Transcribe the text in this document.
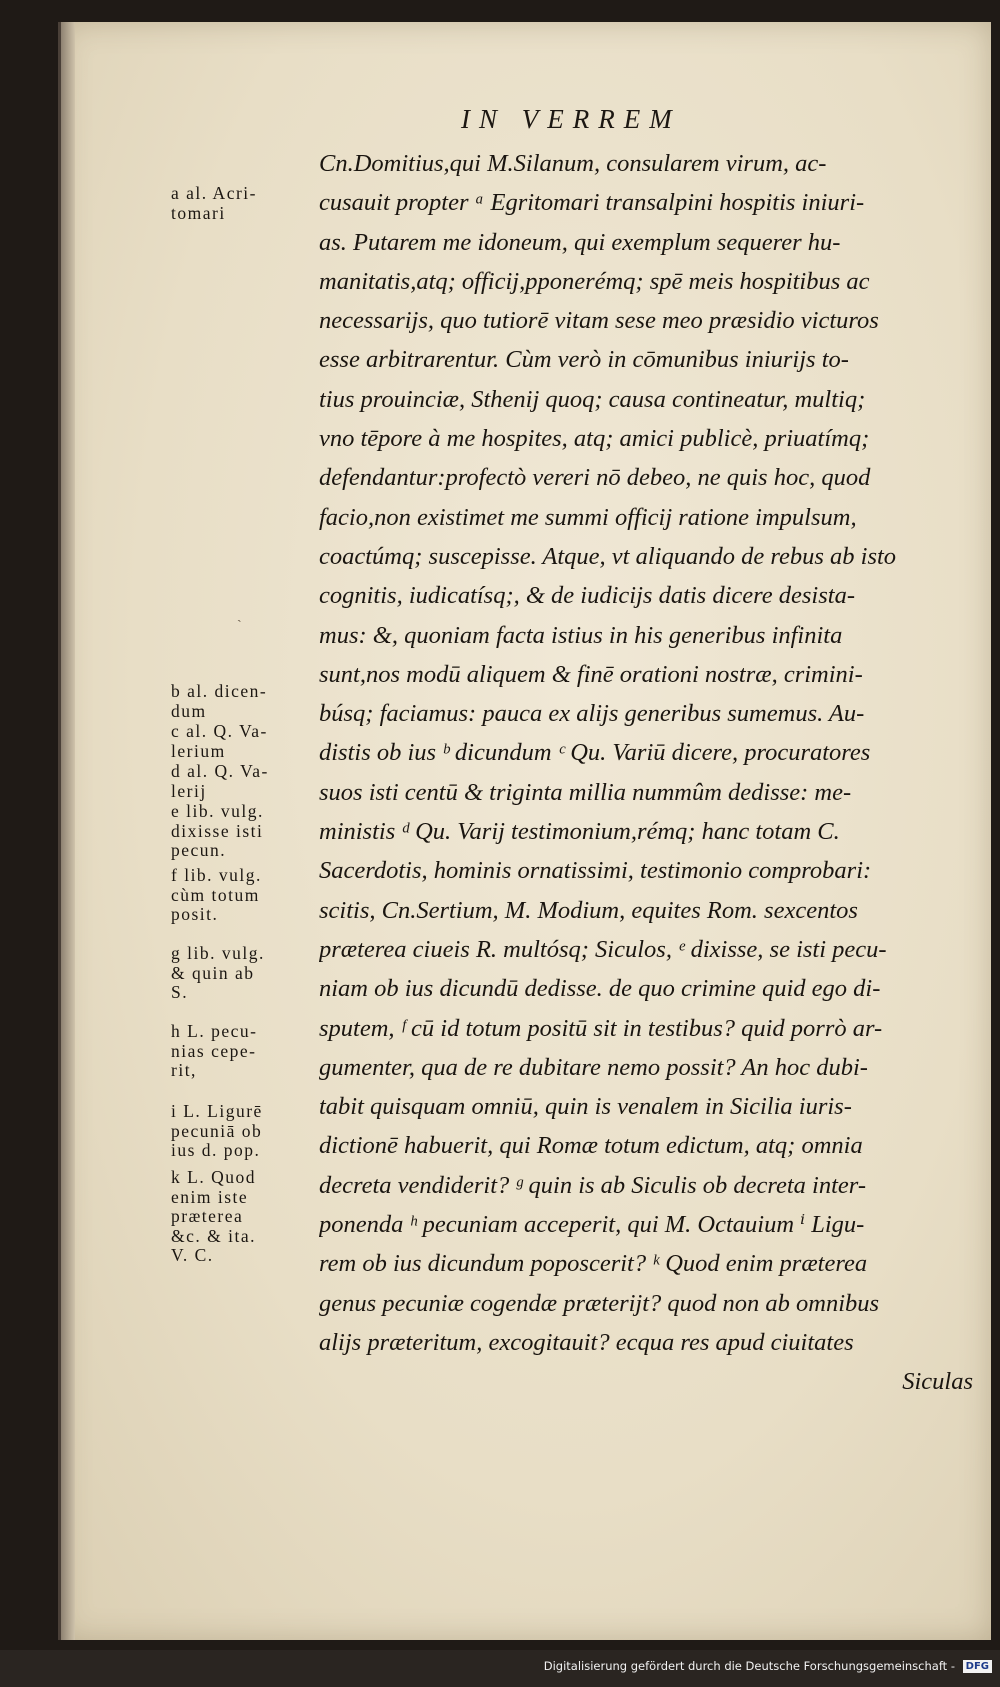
IN VERREM
Cn.Domitius,qui M.Silanum, consularem virum, ac-
cusauit propter ᵃ Egritomari transalpini hospitis iniuri-
as. Putarem me idoneum, qui exemplum sequerer hu-
manitatis,atq; officij,pponerémq; spē meis hospitibus ac
necessarijs, quo tutiorē vitam sese meo præsidio victuros
esse arbitrarentur. Cùm verò in cōmunibus iniurijs to-
tius prouinciæ, Sthenij quoq; causa contineatur, multiq;
vno tēpore à me hospites, atq; amici publicè, priuatímq;
defendantur:profectò vereri nō debeo, ne quis hoc, quod
facio,non existimet me summi officij ratione impulsum,
coactúmq; suscepisse. Atque, vt aliquando de rebus ab isto
cognitis, iudicatísq;, & de iudicijs datis dicere desista-
mus: &, quoniam facta istius in his generibus infinita
sunt,nos modū aliquem & finē orationi nostræ, crimini-
búsq; faciamus: pauca ex alijs generibus sumemus. Au-
distis ob ius ᵇ dicundum ᶜ Qu. Variū dicere, procuratores
suos isti centū & triginta millia nummûm dedisse: me-
ministis ᵈ Qu. Varij testimonium,rémq; hanc totam C.
Sacerdotis, hominis ornatissimi, testimonio comprobari:
scitis, Cn.Sertium, M. Modium, equites Rom. sexcentos
præterea ciueis R. multósq; Siculos, ᵉ dixisse, se isti pecu-
niam ob ius dicundū dedisse. de quo crimine quid ego di-
sputem, ᶠ cū id totum positū sit in testibus? quid porrò ar-
gumenter, qua de re dubitare nemo possit? An hoc dubi-
tabit quisquam omniū, quin is venalem in Sicilia iuris-
dictionē habuerit, qui Romæ totum edictum, atq; omnia
decreta vendiderit? ᵍ quin is ab Siculis ob decreta inter-
ponenda ʰ pecuniam acceperit, qui M. Octauium ⁱ Ligu-
rem ob ius dicundum poposcerit? ᵏ Quod enim præterea
genus pecuniæ cogendæ præterijt? quod non ab omnibus
alijs præteritum, excogitauit? ecqua res apud ciuitates
Siculas
a al. Acri-
tomari
ˎ
b al. dicen-
dum
c al. Q. Va-
lerium
d al. Q. Va-
lerij
e lib. vulg.
dixisse isti
pecun.
f lib. vulg.
cùm totum
posit.
g lib. vulg.
& quin ab
S.
h L. pecu-
nias cepe-
rit,
i L. Ligurē
pecuniā ob
ius d. pop.
k L. Quod
enim iste
præterea
&c. & ita.
V. C.
Digitalisierung gefördert durch die Deutsche Forschungsgemeinschaft - DFG
